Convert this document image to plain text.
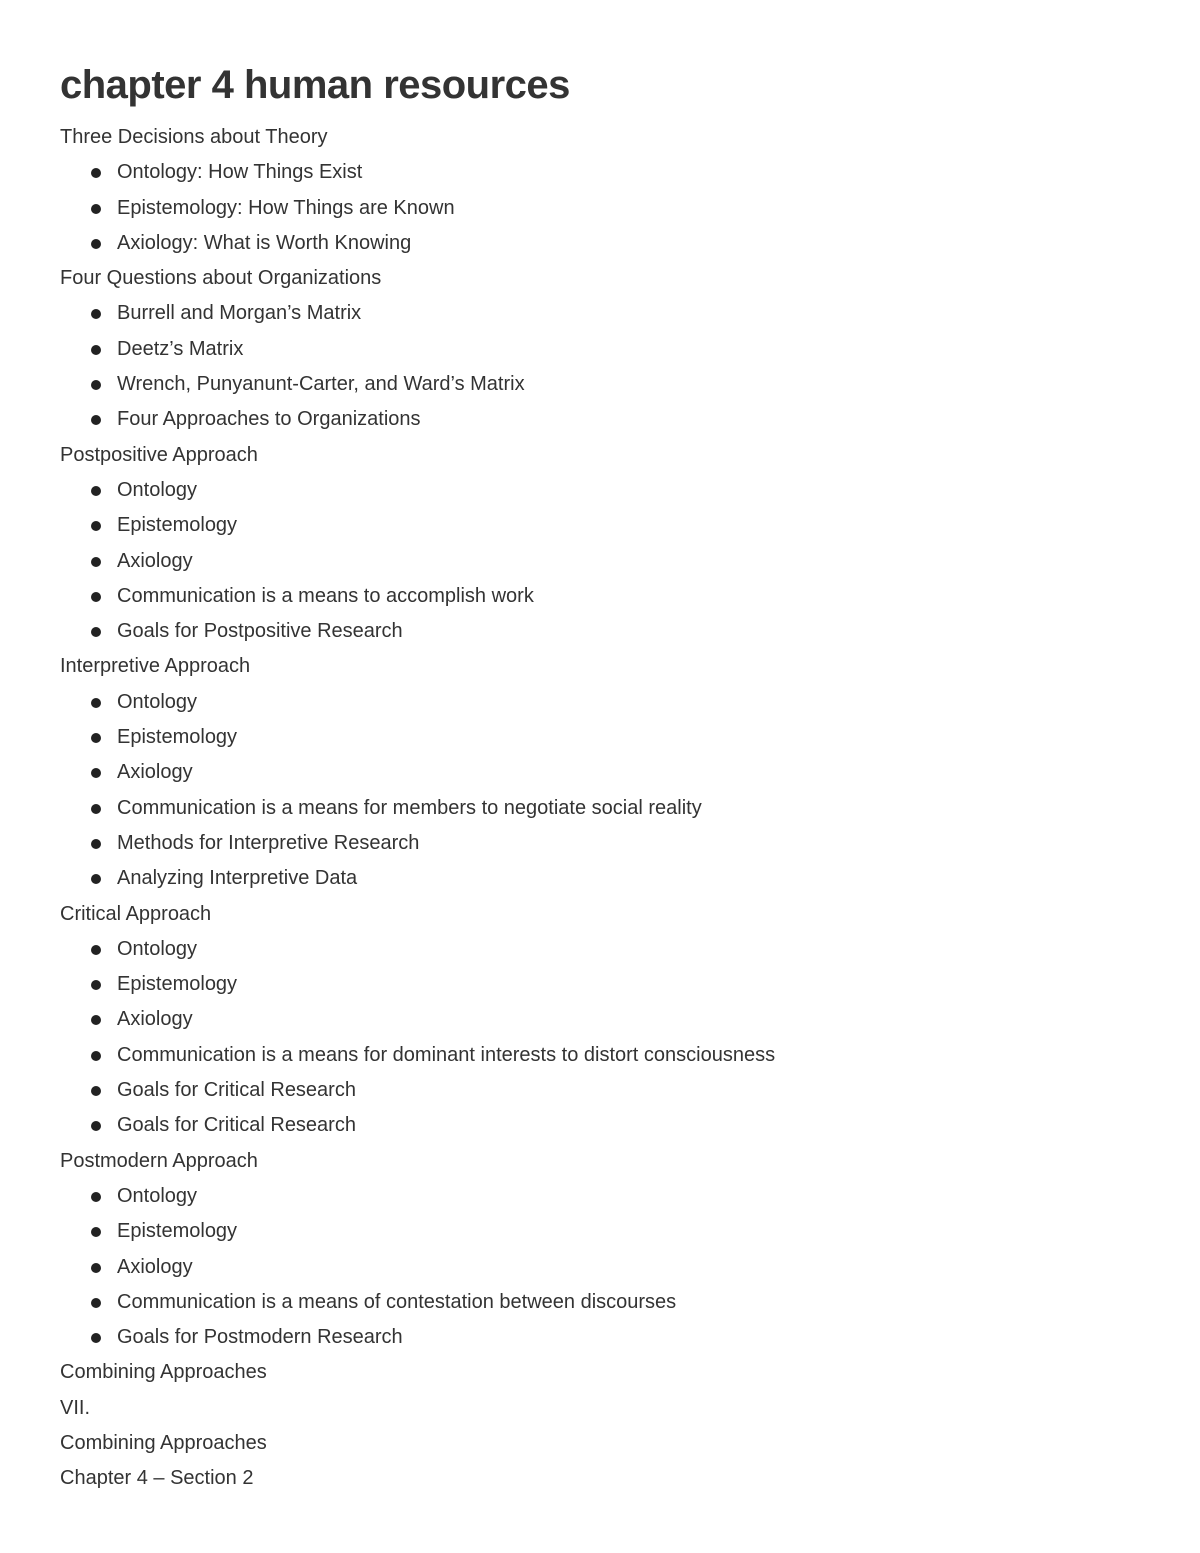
chapter 4 human resources
Three Decisions about Theory
Ontology: How Things Exist
Epistemology: How Things are Known
Axiology: What is Worth Knowing
Four Questions about Organizations
Burrell and Morgan’s Matrix
Deetz’s Matrix
Wrench, Punyanunt-Carter, and Ward’s Matrix
Four Approaches to Organizations
Postpositive Approach
Ontology
Epistemology
Axiology
Communication is a means to accomplish work
Goals for Postpositive Research
Interpretive Approach
Ontology
Epistemology
Axiology
Communication is a means for members to negotiate social reality
Methods for Interpretive Research
Analyzing Interpretive Data
Critical Approach
Ontology
Epistemology
Axiology
Communication is a means for dominant interests to distort consciousness
Goals for Critical Research
Goals for Critical Research
Postmodern Approach
Ontology
Epistemology
Axiology
Communication is a means of contestation between discourses
Goals for Postmodern Research
Combining Approaches
VII.
Combining Approaches
Chapter 4 – Section 2
